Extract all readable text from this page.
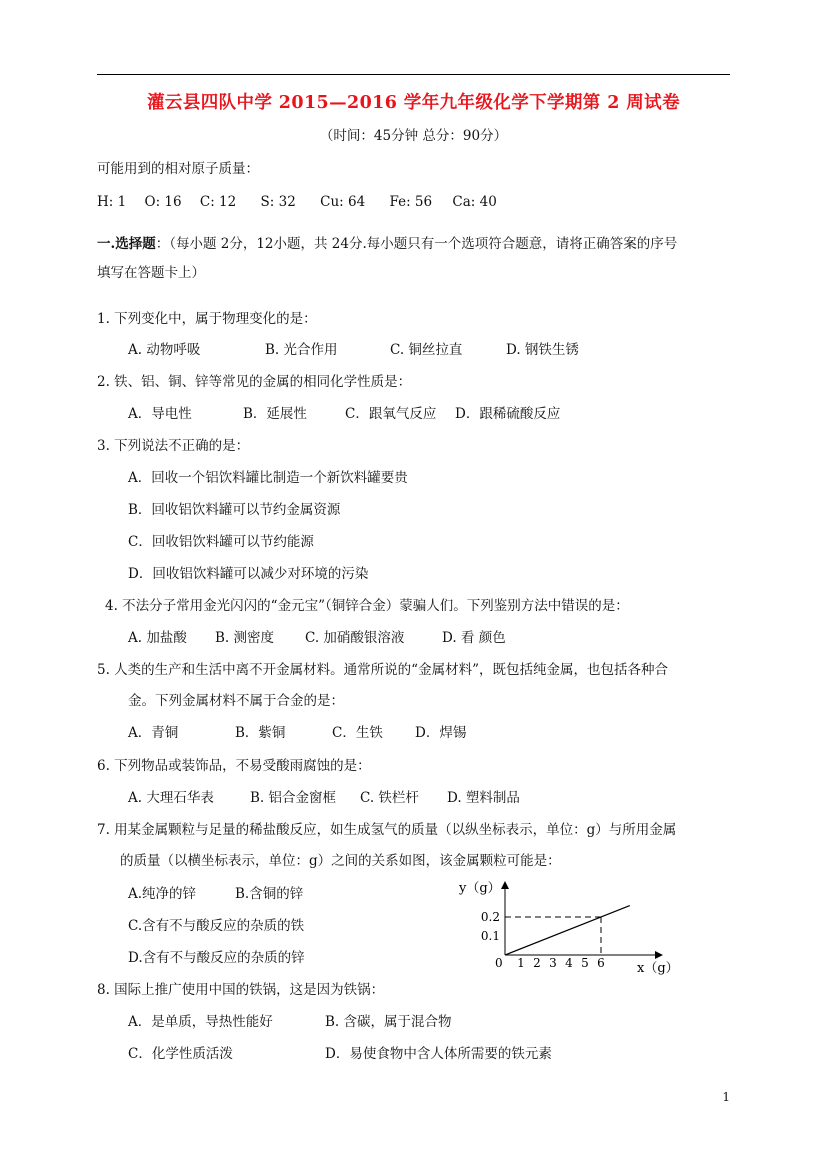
灌云县四队中学 2015—2016 学年九年级化学下学期第 2 周试卷
（时间：45分钟 总分：90分）
可能用到的相对原子质量：
H: 1 O: 16 C: 12 S: 32 Cu: 64 Fe: 56 Ca: 40
一.选择题：（每小题 2分，12小题，共 24分.每小题只有一个选项符合题意，请将正确答案的序号
填写在答题卡上）
1. 下列变化中，属于物理变化的是：
A. 动物呼吸	B. 光合作用	C. 铜丝拉直	D. 钢铁生锈
2. 铁、铝、铜、锌等常见的金属的相同化学性质是：
A．导电性	B．延展性	C．跟氧气反应 D．跟稀硫酸反应
3. 下列说法不正确的是：
A．回收一个铝饮料罐比制造一个新饮料罐要贵
B．回收铝饮料罐可以节约金属资源
C．回收铝饮料罐可以节约能源
D．回收铝饮料罐可以减少对环境的污染
4. 不法分子常用金光闪闪的“金元宝”（铜锌合金）蒙骗人们。下列鉴别方法中错误的是：
A. 加盐酸 B. 测密度 C. 加硝酸银溶液	D. 看 颜色
5. 人类的生产和生活中离不开金属材料。通常所说的“金属材料”，既包括纯金属，也包括各种合
金。下列金属材料不属于合金的是：
A．青铜	B．紫铜	C．生铁 D．焊锡
6. 下列物品或装饰品，不易受酸雨腐蚀的是：
A. 大理石华表	B. 铝合金窗框 C. 铁栏杆 D. 塑料制品
7. 用某金属颗粒与足量的稀盐酸反应，如生成氢气的质量（以纵坐标表示，单位：g）与所用金属
的质量（以横坐标表示，单位：g）之间的关系如图，该金属颗粒可能是：
A.纯净的锌	B.含铜的锌
C.含有不与酸反应的杂质的铁
D.含有不与酸反应的杂质的锌
y（g）
x（g）
0
0.1
0.2
1 2 3 4 5 6
8. 国际上推广使用中国的铁锅，这是因为铁锅：
A．是单质，导热性能好	B. 含碳，属于混合物
C．化学性质活泼	D．易使食物中含人体所需要的铁元素
1
